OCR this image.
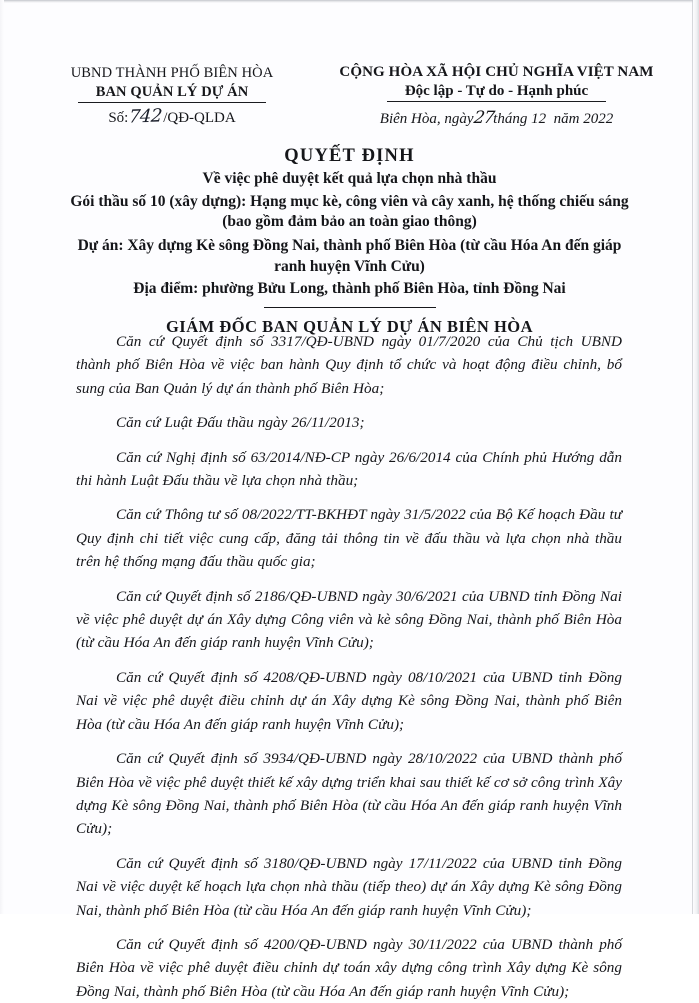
UBND THÀNH PHỐ BIÊN HÒA
BAN QUẢN LÝ DỰ ÁN
Số:742/QĐ-QLDA
CỘNG HÒA XÃ HỘI CHỦ NGHĨA VIỆT NAM
Độc lập - Tự do - Hạnh phúc
Biên Hòa, ngày27tháng 12 năm 2022
QUYẾT ĐỊNH
Về việc phê duyệt kết quả lựa chọn nhà thầu
Gói thầu số 10 (xây dựng): Hạng mục kè, công viên và cây xanh, hệ thống chiếu sáng (bao gồm đảm bảo an toàn giao thông)
Dự án: Xây dựng Kè sông Đồng Nai, thành phố Biên Hòa (từ cầu Hóa An đến giáp ranh huyện Vĩnh Cửu)
Địa điểm: phường Bửu Long, thành phố Biên Hòa, tỉnh Đồng Nai
GIÁM ĐỐC BAN QUẢN LÝ DỰ ÁN BIÊN HÒA

Căn cứ Quyết định số 3317/QĐ-UBND ngày 01/7/2020 của Chủ tịch UBND thành phố Biên Hòa về việc ban hành Quy định tổ chức và hoạt động điều chỉnh, bổ sung của Ban Quản lý dự án thành phố Biên Hòa;

Căn cứ Luật Đấu thầu ngày 26/11/2013;

Căn cứ Nghị định số 63/2014/NĐ-CP ngày 26/6/2014 của Chính phủ Hướng dẫn thi hành Luật Đấu thầu về lựa chọn nhà thầu;

Căn cứ Thông tư số 08/2022/TT-BKHĐT ngày 31/5/2022 của Bộ Kế hoạch Đầu tư Quy định chi tiết việc cung cấp, đăng tải thông tin về đấu thầu và lựa chọn nhà thầu trên hệ thống mạng đấu thầu quốc gia;

Căn cứ Quyết định số 2186/QĐ-UBND ngày 30/6/2021 của UBND tỉnh Đồng Nai về việc phê duyệt dự án Xây dựng Công viên và kè sông Đồng Nai, thành phố Biên Hòa (từ cầu Hóa An đến giáp ranh huyện Vĩnh Cửu);

Căn cứ Quyết định số 4208/QĐ-UBND ngày 08/10/2021 của UBND tỉnh Đồng Nai về việc phê duyệt điều chỉnh dự án Xây dựng Kè sông Đồng Nai, thành phố Biên Hòa (từ cầu Hóa An đến giáp ranh huyện Vĩnh Cửu);

Căn cứ Quyết định số 3934/QĐ-UBND ngày 28/10/2022 của UBND thành phố Biên Hòa về việc phê duyệt thiết kế xây dựng triển khai sau thiết kế cơ sở công trình Xây dựng Kè sông Đồng Nai, thành phố Biên Hòa (từ cầu Hóa An đến giáp ranh huyện Vĩnh Cửu);

Căn cứ Quyết định số 3180/QĐ-UBND ngày 17/11/2022 của UBND tỉnh Đồng Nai về việc duyệt kế hoạch lựa chọn nhà thầu (tiếp theo) dự án Xây dựng Kè sông Đồng Nai, thành phố Biên Hòa (từ cầu Hóa An đến giáp ranh huyện Vĩnh Cửu);

Căn cứ Quyết định số 4200/QĐ-UBND ngày 30/11/2022 của UBND thành phố Biên Hòa về việc phê duyệt điều chỉnh dự toán xây dựng công trình Xây dựng Kè sông Đồng Nai, thành phố Biên Hòa (từ cầu Hóa An đến giáp ranh huyện Vĩnh Cửu);
